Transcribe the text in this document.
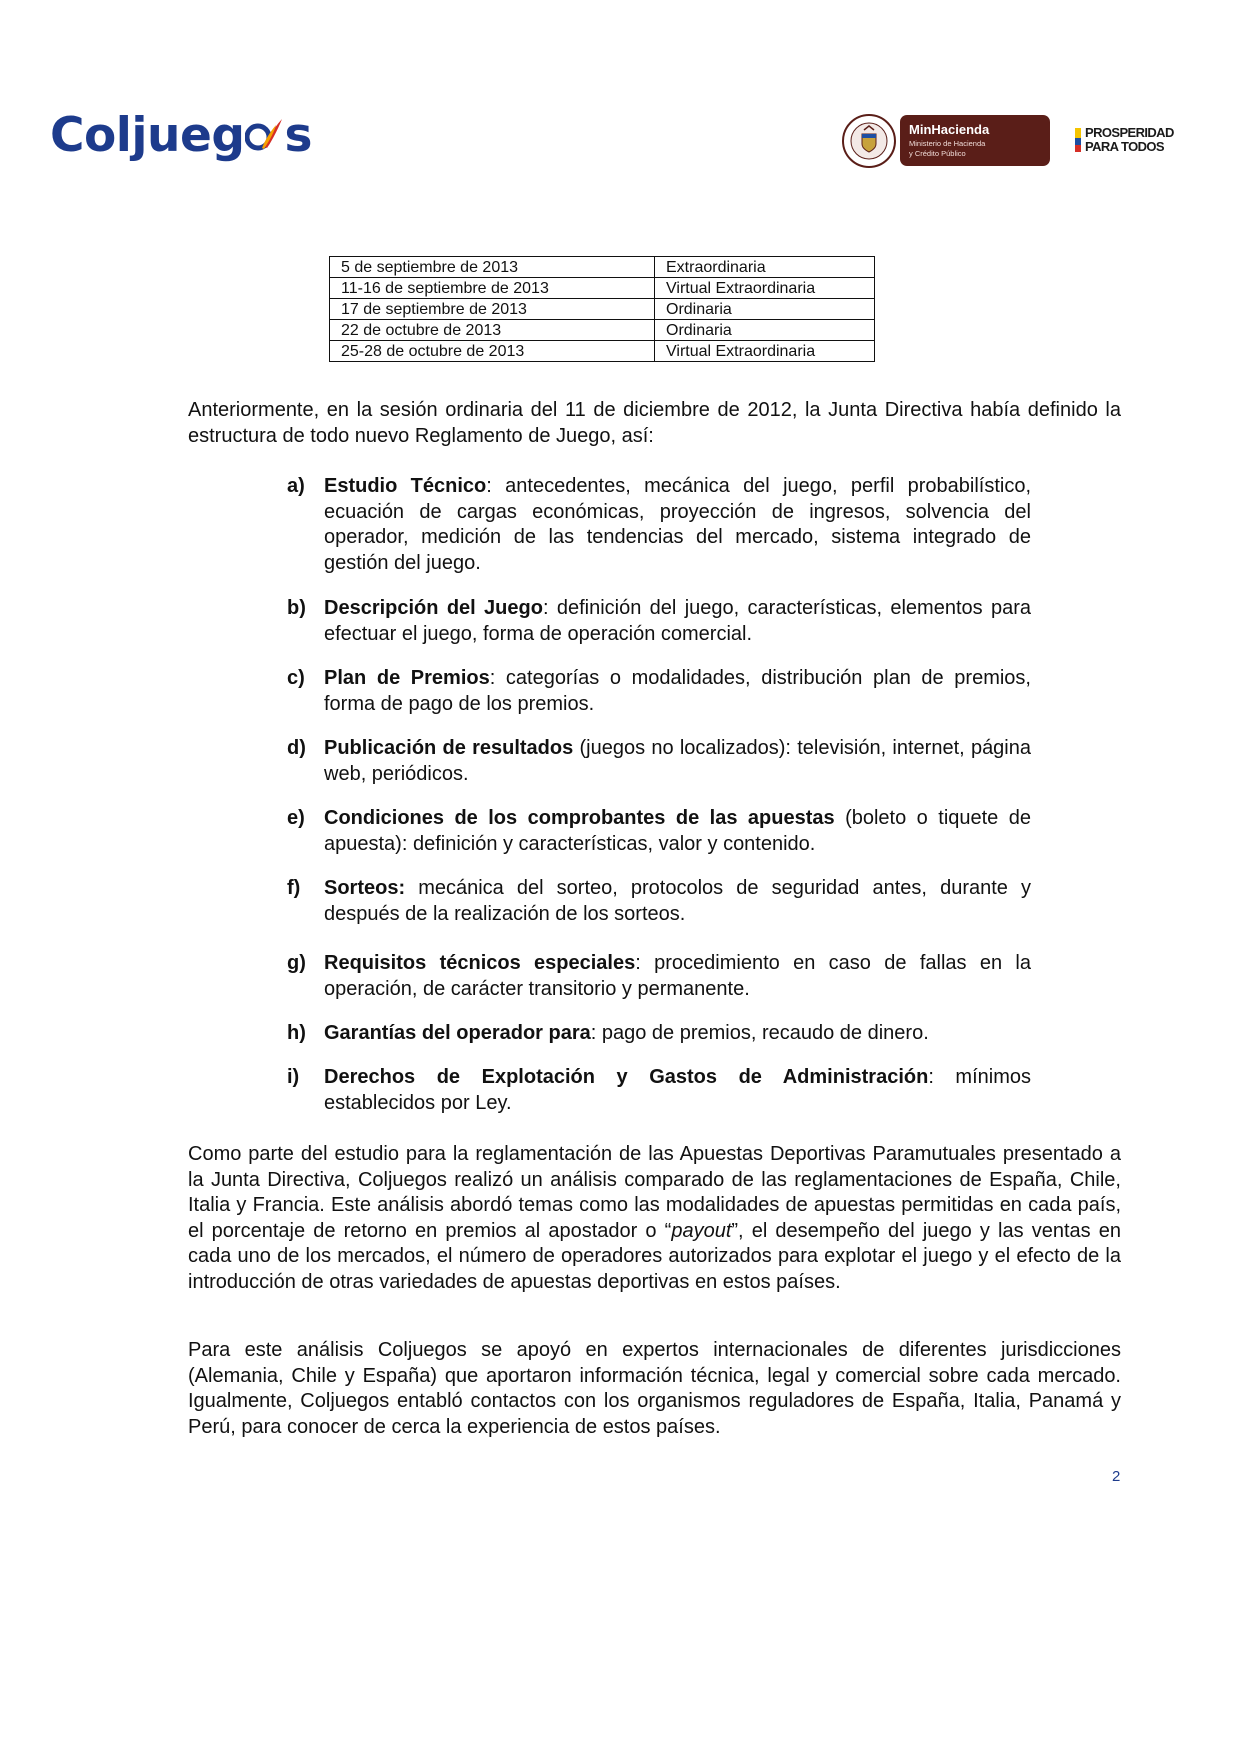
Coljueg s	MinHacienda
Ministerio de Hacienda
y Crédito Público
PROSPERIDAD
PARA TODOS
5 de septiembre de 2013	Extraordinaria
11-16 de septiembre de 2013	Virtual Extraordinaria
17 de septiembre de 2013	Ordinaria
22 de octubre de 2013	Ordinaria
25-28 de octubre de 2013	Virtual Extraordinaria

Anteriormente, en la sesión ordinaria del 11 de diciembre de 2012, la Junta Directiva había definido la estructura de todo nuevo Reglamento de Juego, así:

a) Estudio Técnico: antecedentes, mecánica del juego, perfil probabilístico, ecuación de cargas económicas, proyección de ingresos, solvencia del operador, medición de las tendencias del mercado, sistema integrado de gestión del juego.
b) Descripción del Juego: definición del juego, características, elementos para efectuar el juego, forma de operación comercial.
c) Plan de Premios: categorías o modalidades, distribución plan de premios, forma de pago de los premios.
d) Publicación de resultados (juegos no localizados): televisión, internet, página web, periódicos.
e) Condiciones de los comprobantes de las apuestas (boleto o tiquete de apuesta): definición y características, valor y contenido.
f) Sorteos: mecánica del sorteo, protocolos de seguridad antes, durante y después de la realización de los sorteos.
g) Requisitos técnicos especiales: procedimiento en caso de fallas en la operación, de carácter transitorio y permanente.
h) Garantías del operador para: pago de premios, recaudo de dinero.
i) Derechos de Explotación y Gastos de Administración: mínimos establecidos por Ley.

Como parte del estudio para la reglamentación de las Apuestas Deportivas Paramutuales presentado a la Junta Directiva, Coljuegos realizó un análisis comparado de las reglamentaciones de España, Chile, Italia y Francia. Este análisis abordó temas como las modalidades de apuestas permitidas en cada país, el porcentaje de retorno en premios al apostador o “payout”, el desempeño del juego y las ventas en cada uno de los mercados, el número de operadores autorizados para explotar el juego y el efecto de la introducción de otras variedades de apuestas deportivas en estos países.

Para este análisis Coljuegos se apoyó en expertos internacionales de diferentes jurisdicciones (Alemania, Chile y España) que aportaron información técnica, legal y comercial sobre cada mercado. Igualmente, Coljuegos entabló contactos con los organismos reguladores de España, Italia, Panamá y Perú, para conocer de cerca la experiencia de estos países.

2
